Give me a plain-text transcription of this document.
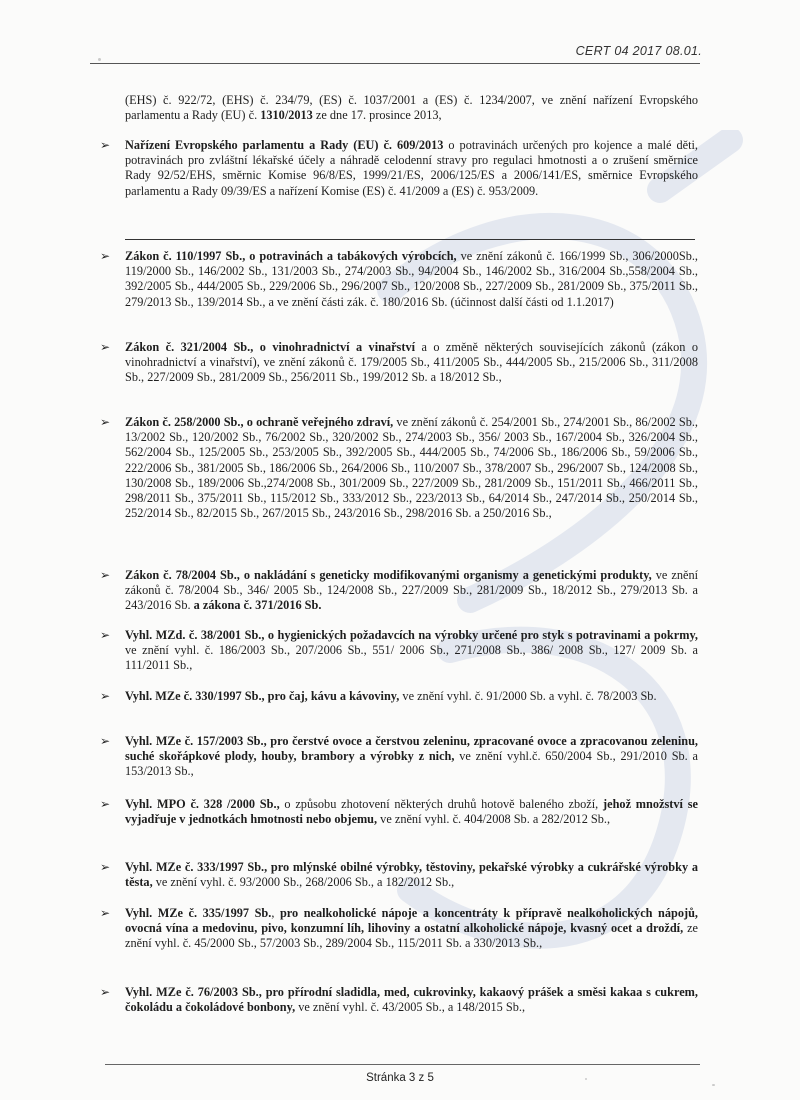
CERT 04 2017 08.01.
(EHS) č. 922/72, (EHS) č. 234/79, (ES) č. 1037/2001 a (ES) č. 1234/2007, ve znění nařízení Evropského parlamentu a Rady (EU) č. 1310/2013 ze dne 17. prosince 2013,
➢ Nařízení Evropského parlamentu a Rady (EU) č. 609/2013 o potravinách určených pro kojence a malé děti, potravinách pro zvláštní lékařské účely a náhradě celodenní stravy pro regulaci hmotnosti a o zrušení směrnice Rady 92/52/EHS, směrnic Komise 96/8/ES, 1999/21/ES, 2006/125/ES a 2006/141/ES, směrnice Evropského parlamentu a Rady 09/39/ES a nařízení Komise (ES) č. 41/2009 a (ES) č. 953/2009.
➢ Zákon č. 110/1997 Sb., o potravinách a tabákových výrobcích, ve znění zákonů č. 166/1999 Sb., 306/2000Sb., 119/2000 Sb., 146/2002 Sb., 131/2003 Sb., 274/2003 Sb., 94/2004 Sb., 146/2002 Sb., 316/2004 Sb.,558/2004 Sb., 392/2005 Sb., 444/2005 Sb., 229/2006 Sb., 296/2007 Sb., 120/2008 Sb., 227/2009 Sb., 281/2009 Sb., 375/2011 Sb., 279/2013 Sb., 139/2014 Sb., a ve znění části zák. č. 180/2016 Sb. (účinnost další části od 1.1.2017)
➢ Zákon č. 321/2004 Sb., o vinohradnictví a vinařství a o změně některých souvisejících zákonů (zákon o vinohradnictví a vinařství), ve znění zákonů č. 179/2005 Sb., 411/2005 Sb., 444/2005 Sb., 215/2006 Sb., 311/2008 Sb., 227/2009 Sb., 281/2009 Sb., 256/2011 Sb., 199/2012 Sb. a 18/2012 Sb.,
➢ Zákon č. 258/2000 Sb., o ochraně veřejného zdraví, ve znění zákonů č. 254/2001 Sb., 274/2001 Sb., 86/2002 Sb., 13/2002 Sb., 120/2002 Sb., 76/2002 Sb., 320/2002 Sb., 274/2003 Sb., 356/ 2003 Sb., 167/2004 Sb., 326/2004 Sb., 562/2004 Sb., 125/2005 Sb., 253/2005 Sb., 392/2005 Sb., 444/2005 Sb., 74/2006 Sb., 186/2006 Sb., 59/2006 Sb., 222/2006 Sb., 381/2005 Sb., 186/2006 Sb., 264/2006 Sb., 110/2007 Sb., 378/2007 Sb., 296/2007 Sb., 124/2008 Sb., 130/2008 Sb., 189/2006 Sb.,274/2008 Sb., 301/2009 Sb., 227/2009 Sb., 281/2009 Sb., 151/2011 Sb., 466/2011 Sb., 298/2011 Sb., 375/2011 Sb., 115/2012 Sb., 333/2012 Sb., 223/2013 Sb., 64/2014 Sb., 247/2014 Sb., 250/2014 Sb., 252/2014 Sb., 82/2015 Sb., 267/2015 Sb., 243/2016 Sb., 298/2016 Sb. a 250/2016 Sb.,
➢ Zákon č. 78/2004 Sb., o nakládání s geneticky modifikovanými organismy a genetickými produkty, ve znění zákonů č. 78/2004 Sb., 346/ 2005 Sb., 124/2008 Sb., 227/2009 Sb., 281/2009 Sb., 18/2012 Sb., 279/2013 Sb. a 243/2016 Sb. a zákona č. 371/2016 Sb.
➢ Vyhl. MZd. č. 38/2001 Sb., o hygienických požadavcích na výrobky určené pro styk s potravinami a pokrmy, ve znění vyhl. č. 186/2003 Sb., 207/2006 Sb., 551/ 2006 Sb., 271/2008 Sb., 386/ 2008 Sb., 127/ 2009 Sb. a 111/2011 Sb.,
➢ Vyhl. MZe č. 330/1997 Sb., pro čaj, kávu a kávoviny, ve znění vyhl. č. 91/2000 Sb. a vyhl. č. 78/2003 Sb.
➢ Vyhl. MZe č. 157/2003 Sb., pro čerstvé ovoce a čerstvou zeleninu, zpracované ovoce a zpracovanou zeleninu, suché skořápkové plody, houby, brambory a výrobky z nich, ve znění vyhl.č. 650/2004 Sb., 291/2010 Sb. a 153/2013 Sb.,
➢ Vyhl. MPO č. 328 /2000 Sb., o způsobu zhotovení některých druhů hotově baleného zboží, jehož množství se vyjadřuje v jednotkách hmotnosti nebo objemu, ve znění vyhl. č. 404/2008 Sb. a 282/2012 Sb.,
➢ Vyhl. MZe č. 333/1997 Sb., pro mlýnské obilné výrobky, těstoviny, pekařské výrobky a cukrářské výrobky a těsta, ve znění vyhl. č. 93/2000 Sb., 268/2006 Sb., a 182/2012 Sb.,
➢ Vyhl. MZe č. 335/1997 Sb., pro nealkoholické nápoje a koncentráty k přípravě nealkoholických nápojů, ovocná vína a medovinu, pivo, konzumní líh, lihoviny a ostatní alkoholické nápoje, kvasný ocet a droždí, ze znění vyhl. č. 45/2000 Sb., 57/2003 Sb., 289/2004 Sb., 115/2011 Sb. a 330/2013 Sb.,
➢ Vyhl. MZe č. 76/2003 Sb., pro přírodní sladidla, med, cukrovinky, kakaový prášek a směsi kakaa s cukrem, čokoládu a čokoládové bonbony, ve znění vyhl. č. 43/2005 Sb., a 148/2015 Sb.,
Stránka 3 z 5
